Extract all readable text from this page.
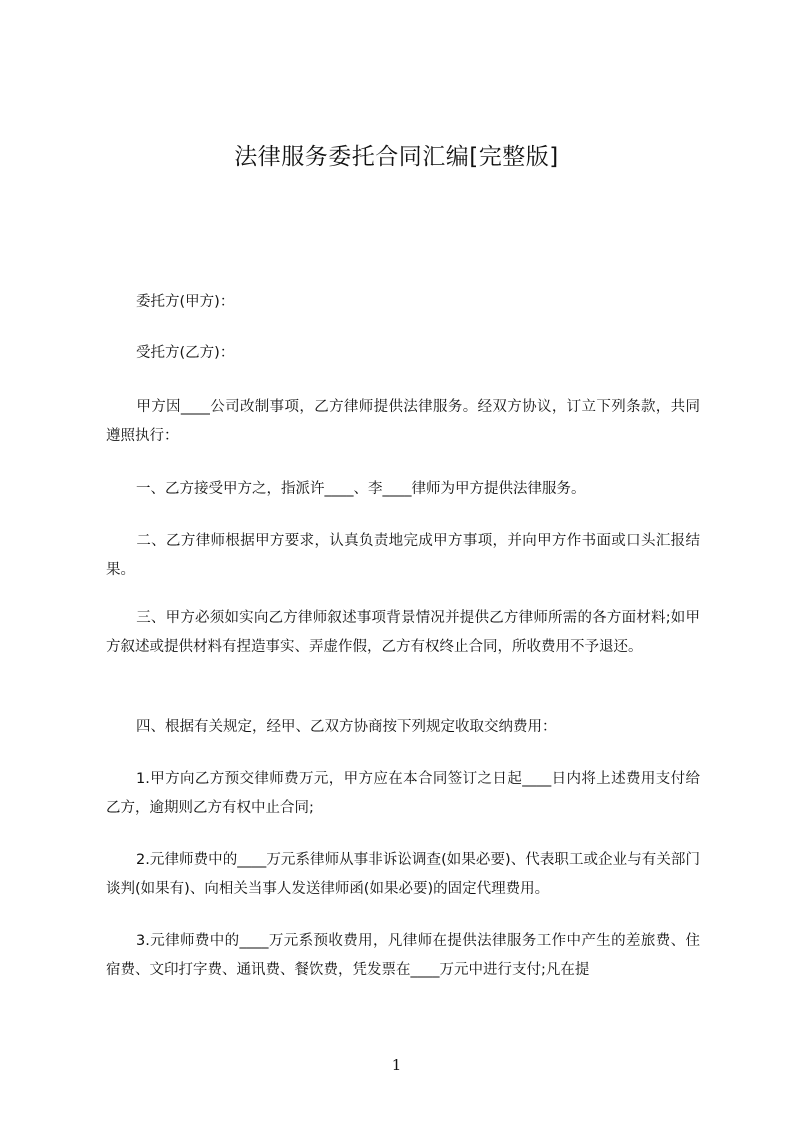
法律服务委托合同汇编[完整版]
委托方(甲方)：
受托方(乙方)：
甲方因____公司改制事项，乙方律师提供法律服务。经双方协议，订立下列条款，共同遵照执行：
一、乙方接受甲方之，指派许____、李____律师为甲方提供法律服务。
二、乙方律师根据甲方要求，认真负责地完成甲方事项，并向甲方作书面或口头汇报结果。
三、甲方必须如实向乙方律师叙述事项背景情况并提供乙方律师所需的各方面材料;如甲方叙述或提供材料有捏造事实、弄虚作假，乙方有权终止合同，所收费用不予退还。
四、根据有关规定，经甲、乙双方协商按下列规定收取交纳费用：
1.甲方向乙方预交律师费万元，甲方应在本合同签订之日起____日内将上述费用支付给乙方，逾期则乙方有权中止合同;
2.元律师费中的____万元系律师从事非诉讼调查(如果必要)、代表职工或企业与有关部门谈判(如果有)、向相关当事人发送律师函(如果必要)的固定代理费用。
3.元律师费中的____万元系预收费用，凡律师在提供法律服务工作中产生的差旅费、住宿费、文印打字费、通讯费、餐饮费，凭发票在____万元中进行支付;凡在提
1
